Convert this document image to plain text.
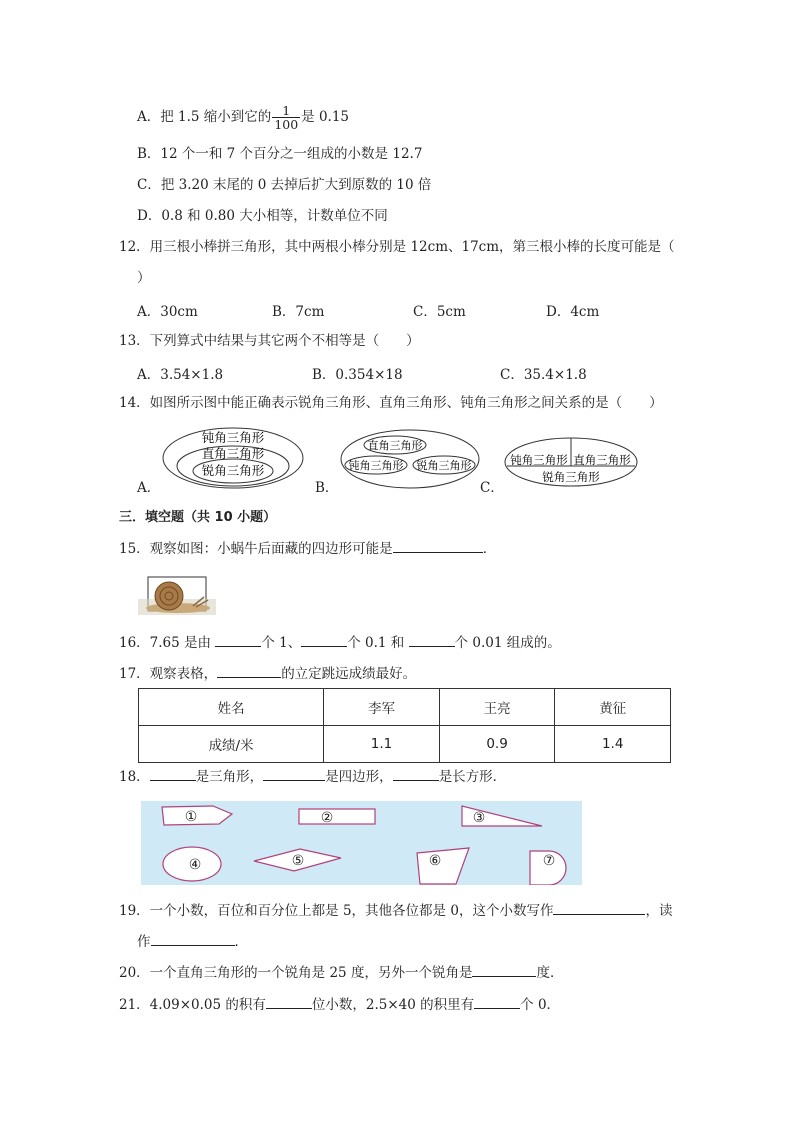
A．把 1.5 缩小到它的 $\frac{1}{100}$ 是 0.15
B．12 个一和 7 个百分之一组成的小数是 12.7
C．把 3.20 末尾的 0 去掉后扩大到原数的 10 倍
D．0.8 和 0.80 大小相等，计数单位不同
12．用三根小棒拼三角形，其中两根小棒分别是 12cm、17cm，第三根小棒的长度可能是（
）
A．30cm	B．7cm	C．5cm	D．4cm
13．下列算式中结果与其它两个不相等是（　　）
A．3.54×1.8	B．0.354×18	C．35.4×1.8
14．如图所示图中能正确表示锐角三角形、直角三角形、钝角三角形之间关系的是（　　）
A．	B．	C．
钝角三角形
直角三角形
锐角三角形
直角三角形
钝角三角形 锐角三角形	钝角三角形 直角三角形
锐角三角形
三．填空题（共 10 小题）
15．观察如图：小蜗牛后面藏的四边形可能是	．
16．7.65 是由	个 1、	个 0.1 和	个 0.01 组成的。
17．观察表格，	的立定跳远成绩最好。
姓名	李军	王亮	黄征
成绩/米	1.1	0.9	1.4
18．	是三角形，	是四边形，	是长方形．
①	②	③
④	⑤	⑥	⑦
19．一个小数，百位和百分位上都是 5，其他各位都是 0，这个小数写作	，读
作	．
20．一个直角三角形的一个锐角是 25 度，另外一个锐角是	度．
21．4.09×0.05 的积有	位小数，2.5×40 的积里有	个 0．
